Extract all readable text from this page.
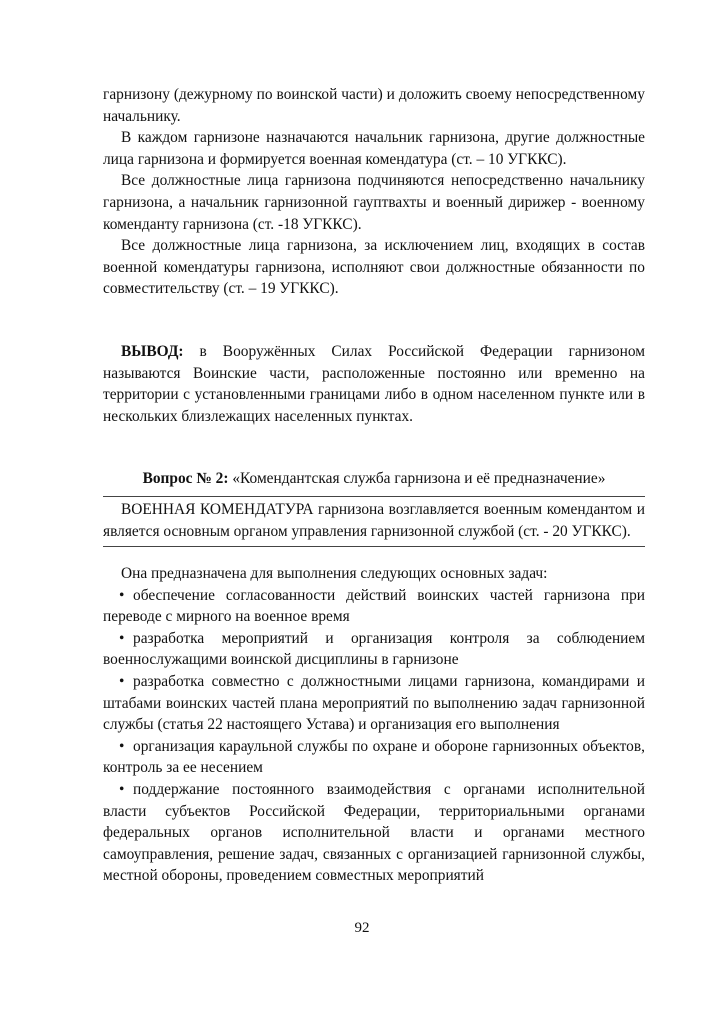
гарнизону (дежурному по воинской части) и доложить своему непосредственному начальнику.

В каждом гарнизоне назначаются начальник гарнизона, другие должностные лица гарнизона и формируется военная комендатура (ст. – 10 УГККС).

Все должностные лица гарнизона подчиняются непосредственно начальнику гарнизона, а начальник гарнизонной гауптвахты и военный дирижер - военному коменданту гарнизона (ст. -18 УГККС).

Все должностные лица гарнизона, за исключением лиц, входящих в состав военной комендатуры гарнизона, исполняют свои должностные обязанности по совместительству (ст. – 19 УГККС).

ВЫВОД: в Вооружённых Силах Российской Федерации гарнизоном называются Воинские части, расположенные постоянно или временно на территории с установленными границами либо в одном населенном пункте или в нескольких близлежащих населенных пунктах.

Вопрос № 2: «Комендантская служба гарнизона и её предназначение»

ВОЕННАЯ КОМЕНДАТУРА гарнизона возглавляется военным комендантом и является основным органом управления гарнизонной службой (ст. - 20 УГККС).

Она предназначена для выполнения следующих основных задач:

• обеспечение согласованности действий воинских частей гарнизона при переводе с мирного на военное время

• разработка мероприятий и организация контроля за соблюдением военнослужащими воинской дисциплины в гарнизоне

• разработка совместно с должностными лицами гарнизона, командирами и штабами воинских частей плана мероприятий по выполнению задач гарнизонной службы (статья 22 настоящего Устава) и организация его выполнения

• организация караульной службы по охране и обороне гарнизонных объектов, контроль за ее несением

• поддержание постоянного взаимодействия с органами исполнительной власти субъектов Российской Федерации, территориальными органами федеральных органов исполнительной власти и органами местного самоуправления, решение задач, связанных с организацией гарнизонной службы, местной обороны, проведением совместных мероприятий

92
